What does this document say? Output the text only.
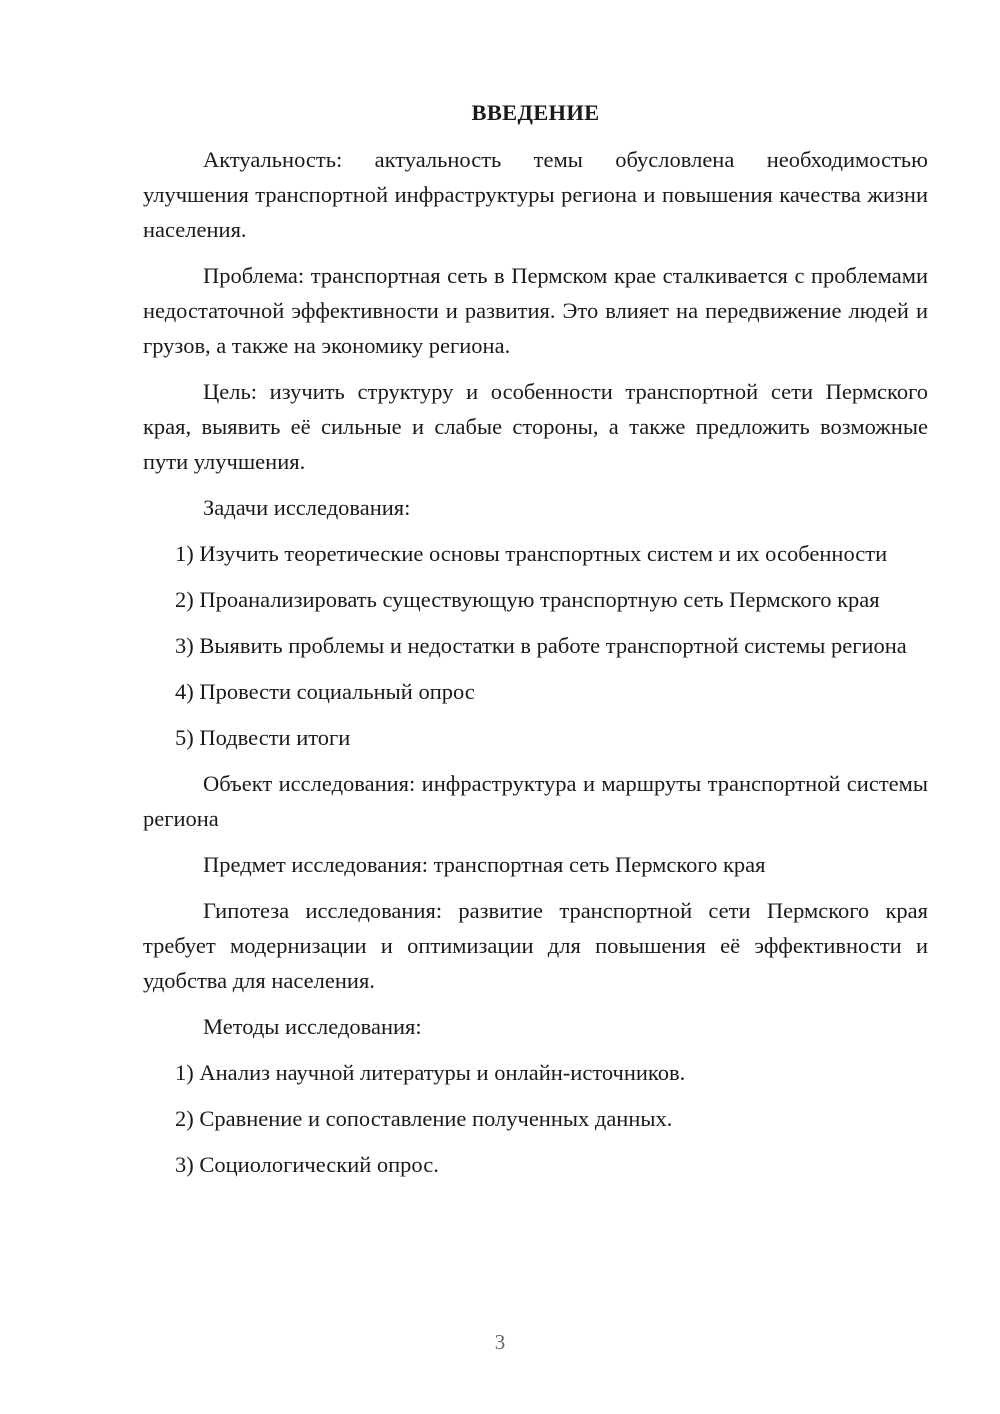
ВВЕДЕНИЕ

Актуальность: актуальность темы обусловлена необходимостью улучшения транспортной инфраструктуры региона и повышения качества жизни населения.

Проблема: транспортная сеть в Пермском крае сталкивается с проблемами недостаточной эффективности и развития. Это влияет на передвижение людей и грузов, а также на экономику региона.

Цель: изучить структуру и особенности транспортной сети Пермского края, выявить её сильные и слабые стороны, а также предложить возможные пути улучшения.

Задачи исследования:

1) Изучить теоретические основы транспортных систем и их особенности

2) Проанализировать существующую транспортную сеть Пермского края

3) Выявить проблемы и недостатки в работе транспортной системы региона

4) Провести социальный опрос

5) Подвести итоги

Объект исследования: инфраструктура и маршруты транспортной системы региона

Предмет исследования: транспортная сеть Пермского края

Гипотеза исследования: развитие транспортной сети Пермского края требует модернизации и оптимизации для повышения её эффективности и удобства для населения.

Методы исследования:

1) Анализ научной литературы и онлайн-источников.

2) Сравнение и сопоставление полученных данных.

3) Социологический опрос.

3
